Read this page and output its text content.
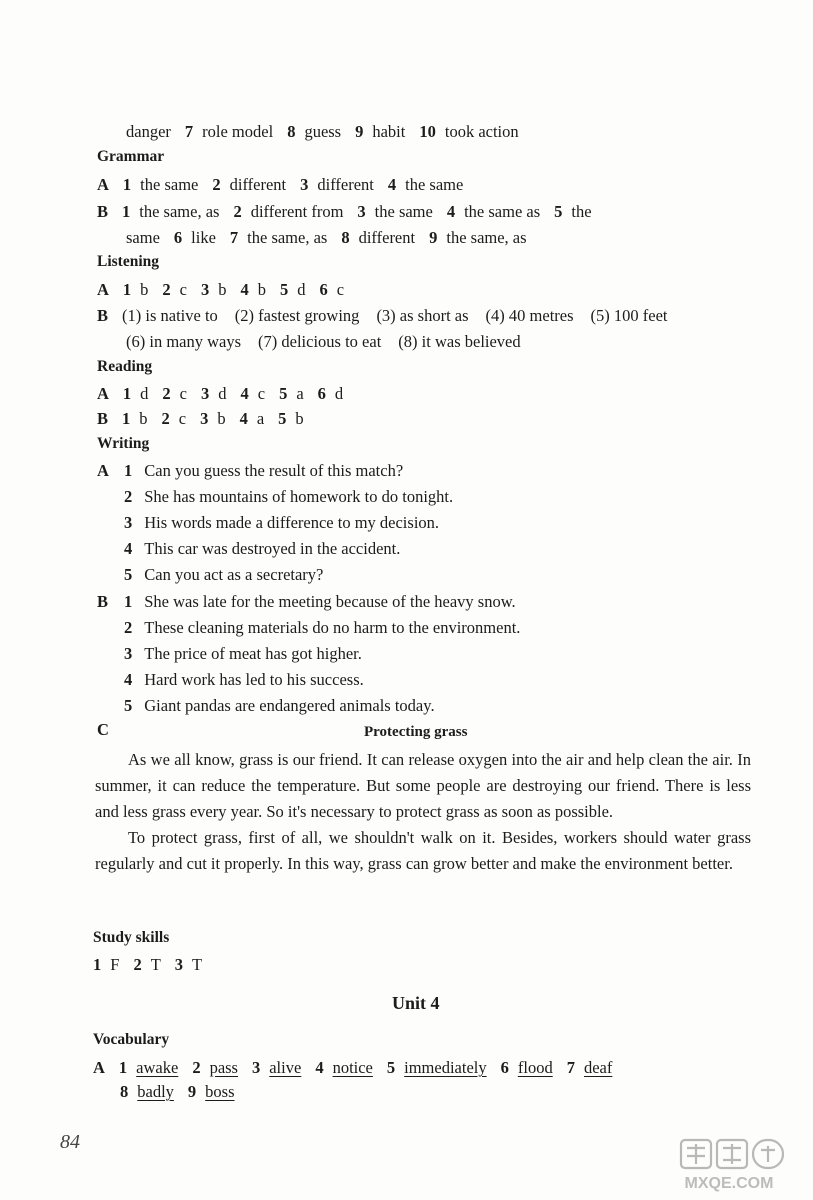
danger 7 role model 8 guess 9 habit 10 took action
Grammar
A 1 the same 2 different 3 different 4 the same
B 1 the same, as 2 different from 3 the same 4 the same as 5 the
same 6 like 7 the same, as 8 different 9 the same, as
Listening
A 1 b 2 c 3 b 4 b 5 d 6 c
B (1) is native to (2) fastest growing (3) as short as (4) 40 metres (5) 100 feet
(6) in many ways (7) delicious to eat (8) it was believed
Reading
A 1 d 2 c 3 d 4 c 5 a 6 d
B 1 b 2 c 3 b 4 a 5 b
Writing
A 1 Can you guess the result of this match?
2 She has mountains of homework to do tonight.
3 His words made a difference to my decision.
4 This car was destroyed in the accident.
5 Can you act as a secretary?
B 1 She was late for the meeting because of the heavy snow.
2 These cleaning materials do no harm to the environment.
3 The price of meat has got higher.
4 Hard work has led to his success.
5 Giant pandas are endangered animals today.
C	Protecting grass

As we all know, grass is our friend. It can release oxygen into the air and help clean the air. In summer, it can reduce the temperature. But some people are destroying our friend. There is less and less grass every year. So it's necessary to protect grass as soon as possible.

To protect grass, first of all, we shouldn't walk on it. Besides, workers should water grass regularly and cut it properly. In this way, grass can grow better and make the environment better.

Study skills
1 F 2 T 3 T
Unit 4
Vocabulary
A 1 awake 2 pass 3 alive 4 notice 5 immediately 6 flood 7 deaf
8 badly 9 boss
84
MXQE.COM
